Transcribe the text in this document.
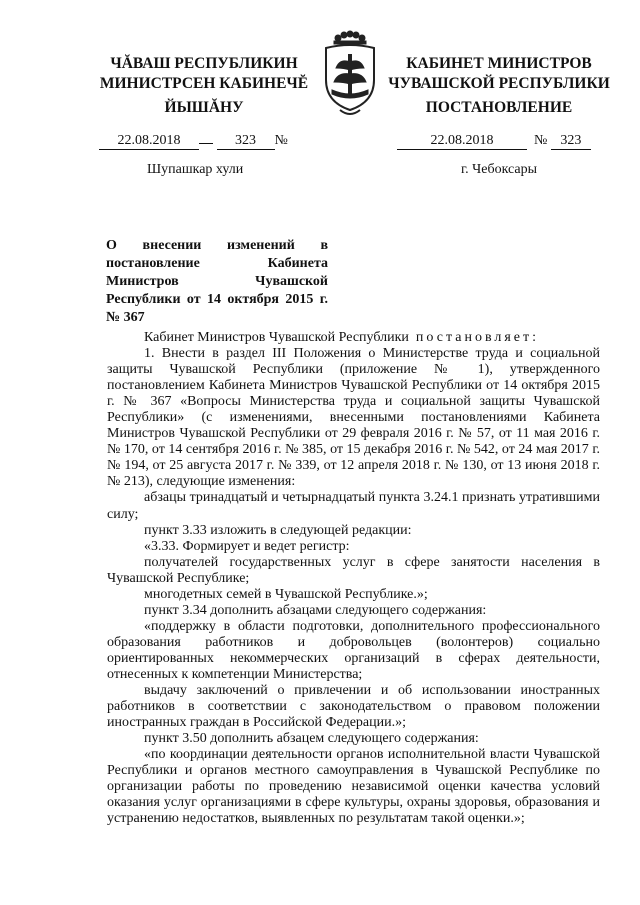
ЧĂВАШ РЕСПУБЛИКИН
МИНИСТРСЕН КАБИНЕЧĔ
ЙЫШĂНУ
КАБИНЕТ МИНИСТРОВ
ЧУВАШСКОЙ РЕСПУБЛИКИ
ПОСТАНОВЛЕНИЕ
22.08.2018	323 №	22.08.2018	№ 323
Шупашкар хули	г. Чебоксары
О внесении изменений в постановление Кабинета Министров Чувашской Республики от 14 октября 2015 г. № 367

Кабинет Министров Чувашской Республики постановляет:

1. Внести в раздел III Положения о Министерстве труда и социальной защиты Чувашской Республики (приложение № 1), утвержденного постановлением Кабинета Министров Чувашской Республики от 14 октября 2015 г. № 367 «Вопросы Министерства труда и социальной защиты Чувашской Республики» (с изменениями, внесенными постановлениями Кабинета Министров Чувашской Республики от 29 февраля 2016 г. № 57, от 11 мая 2016 г. № 170, от 14 сентября 2016 г. № 385, от 15 декабря 2016 г. № 542, от 24 мая 2017 г. № 194, от 25 августа 2017 г. № 339, от 12 апреля 2018 г. № 130, от 13 июня 2018 г. № 213), следующие изменения:

абзацы тринадцатый и четырнадцатый пункта 3.24.1 признать утратившими силу;

пункт 3.33 изложить в следующей редакции:

«3.33. Формирует и ведет регистр:

получателей государственных услуг в сфере занятости населения в Чувашской Республике;

многодетных семей в Чувашской Республике.»;

пункт 3.34 дополнить абзацами следующего содержания:

«поддержку в области подготовки, дополнительного профессионального образования работников и добровольцев (волонтеров) социально ориентированных некоммерческих организаций в сферах деятельности, отнесенных к компетенции Министерства;

выдачу заключений о привлечении и об использовании иностранных работников в соответствии с законодательством о правовом положении иностранных граждан в Российской Федерации.»;

пункт 3.50 дополнить абзацем следующего содержания:

«по координации деятельности органов исполнительной власти Чувашской Республики и органов местного самоуправления в Чувашской Республике по организации работы по проведению независимой оценки качества условий оказания услуг организациями в сфере культуры, охраны здоровья, образования и устранению недостатков, выявленных по результатам такой оценки.»;
